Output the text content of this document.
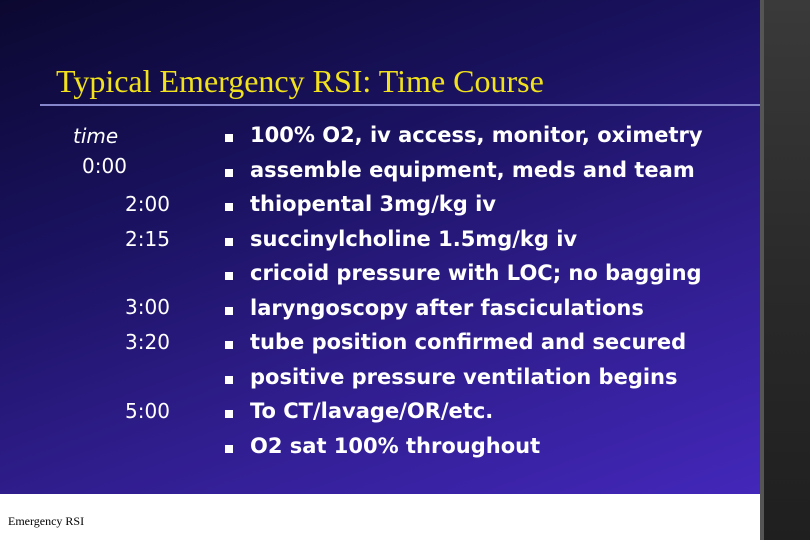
Typical Emergency RSI: Time Course
time
0:00
2:00
2:15
3:00
3:20
5:00
100% O2, iv access, monitor, oximetry
assemble equipment, meds and team
thiopental 3mg/kg iv
succinylcholine 1.5mg/kg iv
cricoid pressure with LOC; no bagging
laryngoscopy after fasciculations
tube position confirmed and secured
positive pressure ventilation begins
To CT/lavage/OR/etc.
O2 sat 100% throughout
Emergency RSI
